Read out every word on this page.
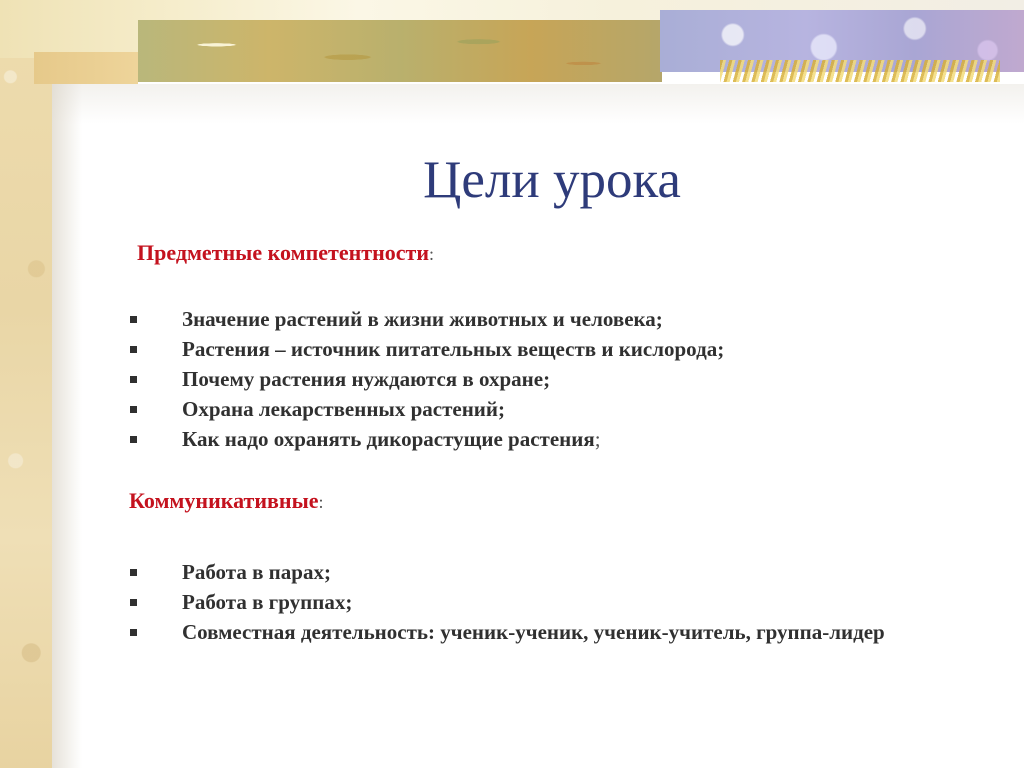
Цели урока
Предметные компетентности:
Значение растений в жизни животных и человека;
Растения – источник питательных веществ и кислорода;
Почему растения нуждаются в охране;
Охрана лекарственных растений;
Как надо охранять дикорастущие растения;
Коммуникативные:
Работа в парах;
Работа в группах;
Совместная деятельность: ученик-ученик, ученик-учитель, группа-лидер
